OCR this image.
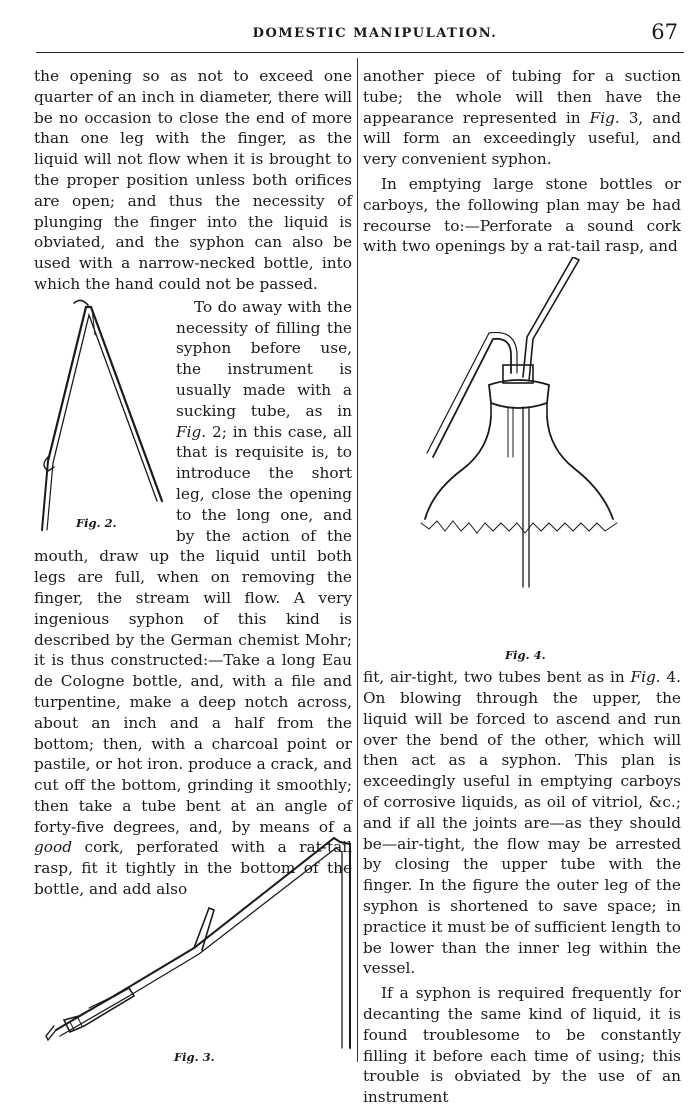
DOMESTIC MANIPULATION.	67

the opening so as not to exceed one quarter of an inch in diameter, there will be no occasion to close the end of more than one leg with the finger, as the liquid will not flow when it is brought to the proper position unless both orifices are open; and thus the necessity of plunging the finger into the liquid is obviated, and the syphon can also be used with a narrow-necked bottle, into which the hand could not be passed.

Fig. 2.

To do away with the necessity of filling the syphon before use, the instrument is usually made with a sucking tube, as in Fig. 2; in this case, all that is requisite is, to introduce the short leg, close the opening to the long one, and by the action of the mouth, draw up the liquid until both legs are full, when on removing the finger, the stream will flow. A very ingenious syphon of this kind is described by the German chemist Mohr; it is thus constructed:—Take a long Eau de Cologne bottle, and, with a file and turpentine, make a deep notch across, about an inch and a half from the bottom; then, with a charcoal point or pastile, or hot iron. produce a crack, and cut off the bottom, grinding it smoothly; then take a tube bent at an angle of forty-five degrees, and, by means of a good cork, perforated with a rat-tail rasp, fit it tightly in the bottom of the bottle, and add also

Fig. 3.

another piece of tubing for a suction tube; the whole will then have the appearance represented in Fig. 3, and will form an exceedingly useful, and very convenient syphon.

In emptying large stone bottles or carboys, the following plan may be had recourse to:—Perforate a sound cork with two openings by a rat-tail rasp, and

Fig. 4.

fit, air-tight, two tubes bent as in Fig. 4. On blowing through the upper, the liquid will be forced to ascend and run over the bend of the other, which will then act as a syphon. This plan is exceedingly useful in emptying carboys of corrosive liquids, as oil of vitriol, &c.; and if all the joints are—as they should be—air-tight, the flow may be arrested by closing the upper tube with the finger. In the figure the outer leg of the syphon is shortened to save space; in practice it must be of sufficient length to be lower than the inner leg within the vessel.

If a syphon is required frequently for decanting the same kind of liquid, it is found troublesome to be constantly filling it before each time of using; this trouble is obviated by the use of an instrument
